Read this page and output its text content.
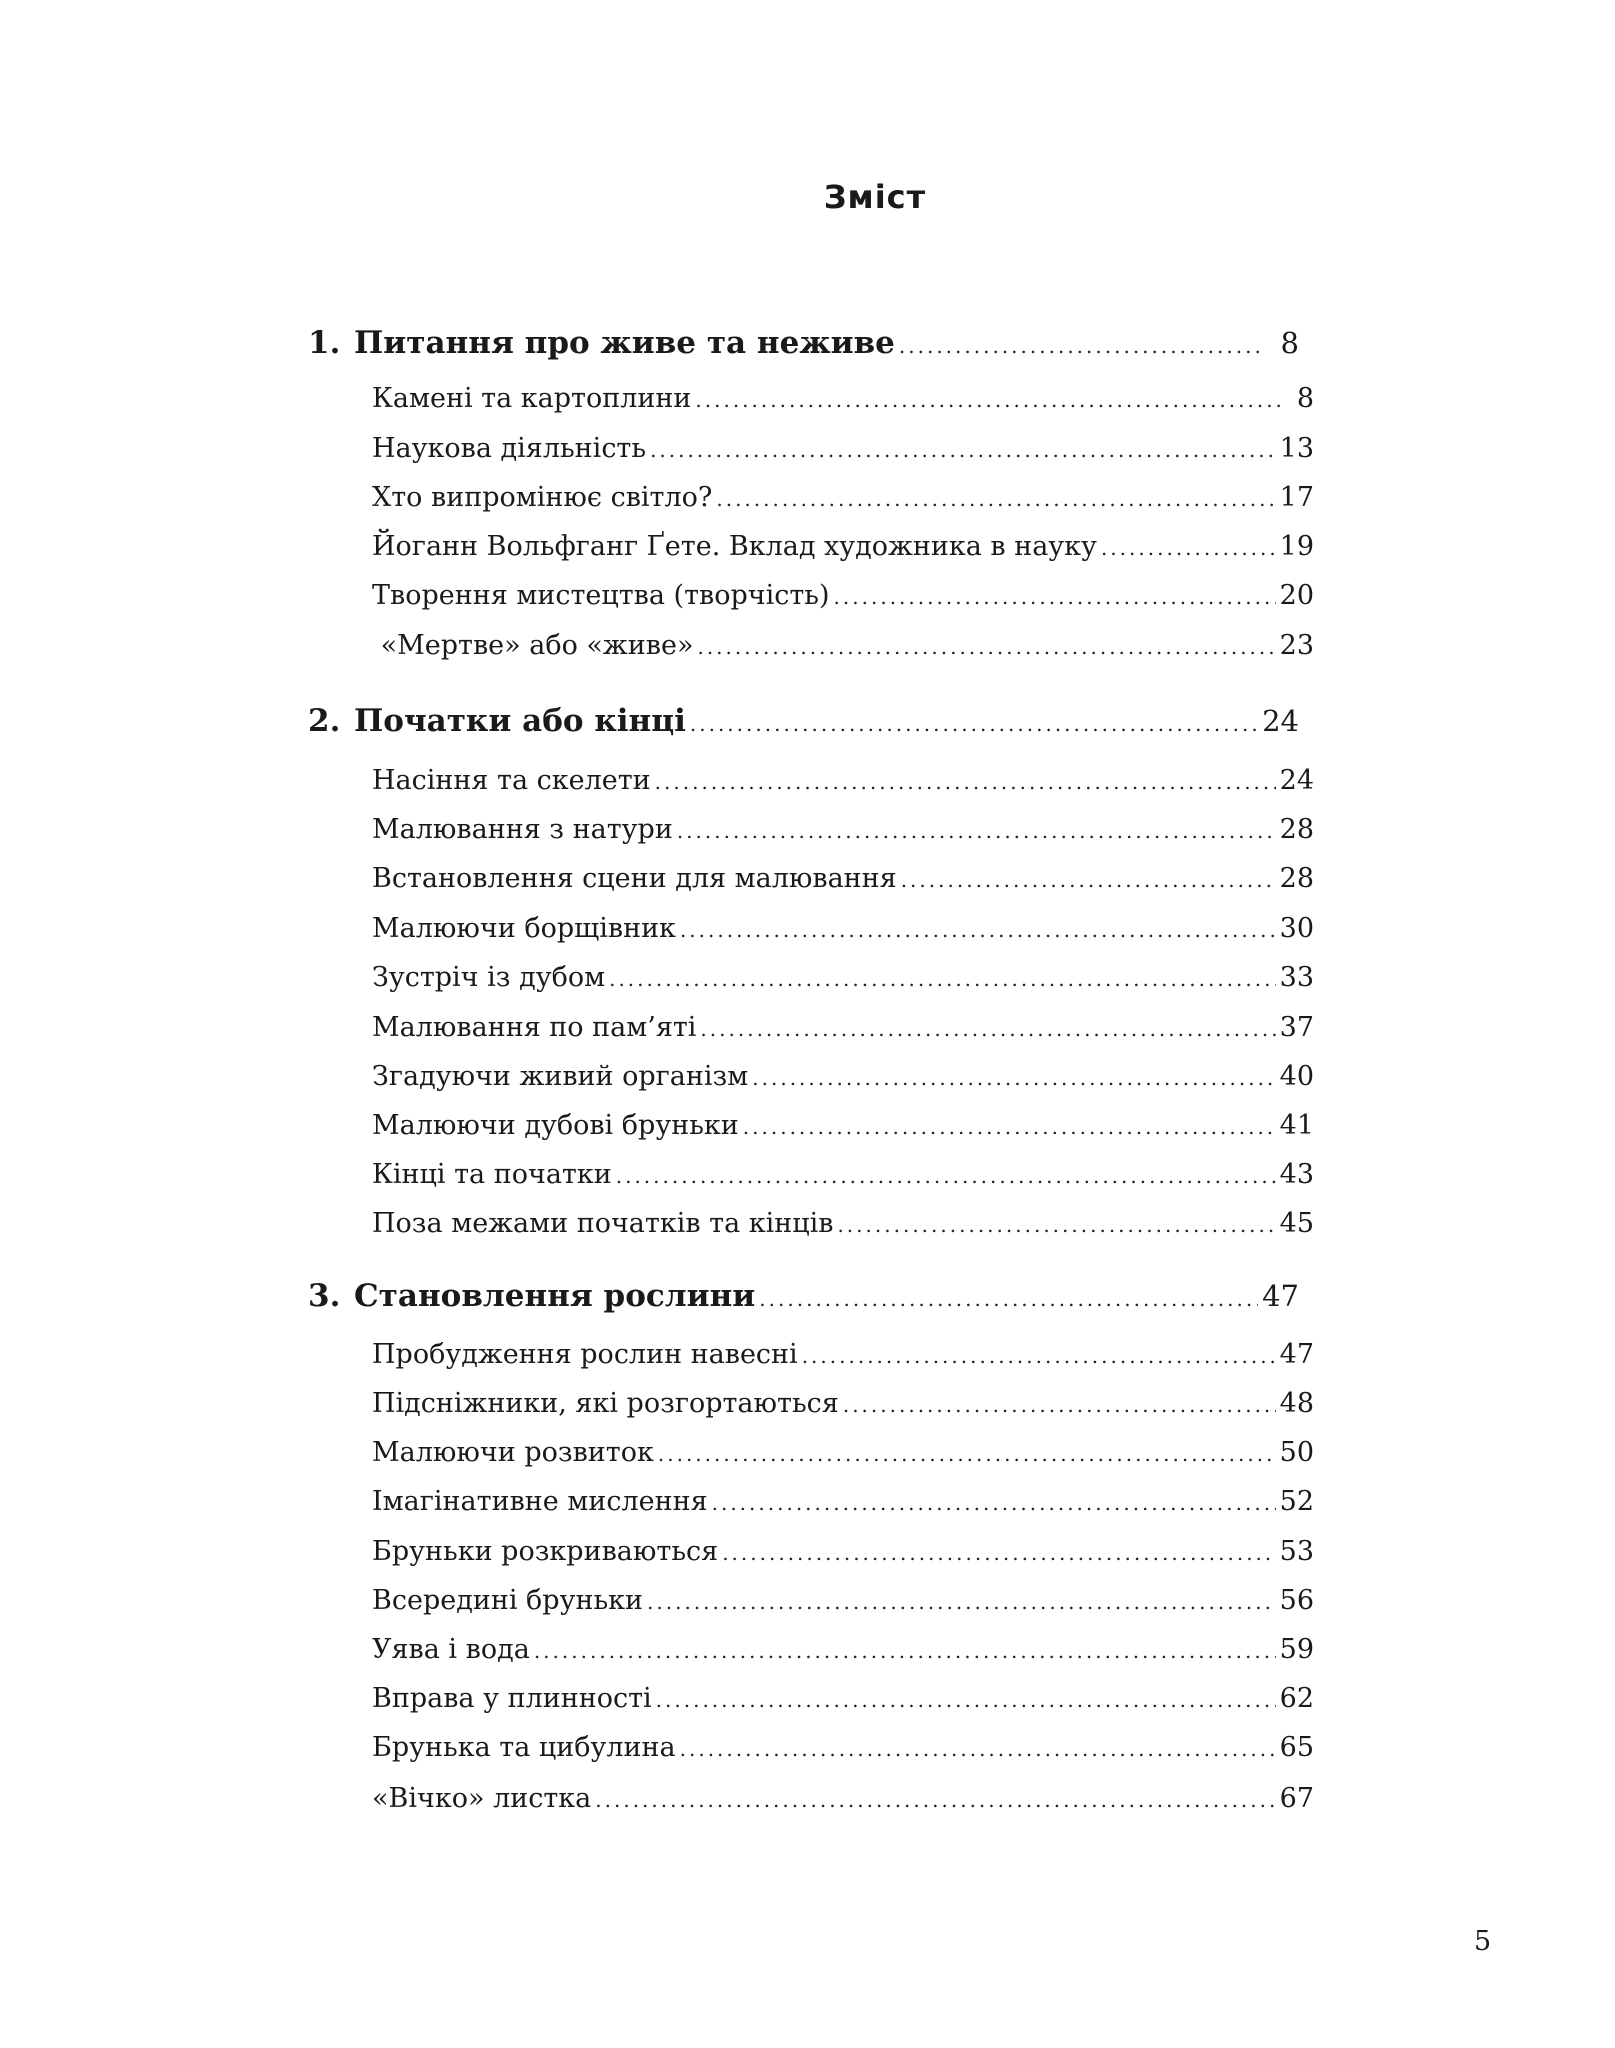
Зміст
1. Питання про живе та неживе .....	8
Камені та картоплини .....	8
Наукова діяльність .....	13
Хто випромінює світло? .....	17
Йоганн Вольфганг Ґете. Вклад художника в науку .....	19
Творення мистецтва (творчість) .....	20
«Мертве» або «живе» .....	23
2. Початки або кінці .....	24
Насіння та скелети .....	24
Малювання з натури .....	28
Встановлення сцени для малювання .....	28
Малюючи борщівник .....	30
Зустріч із дубом .....	33
Малювання по пам’яті .....	37
Згадуючи живий організм .....	40
Малюючи дубові бруньки .....	41
Кінці та початки .....	43
Поза межами початків та кінців .....	45
3. Становлення рослини .....	47
Пробудження рослин навесні .....	47
Підсніжники, які розгортаються .....	48
Малюючи розвиток .....	50
Імагінативне мислення .....	52
Бруньки розкриваються .....	53
Всередині бруньки .....	56
Уява і вода .....	59
Вправа у плинності .....	62
Брунька та цибулина .....	65
«Вічко» листка .....	67
5
